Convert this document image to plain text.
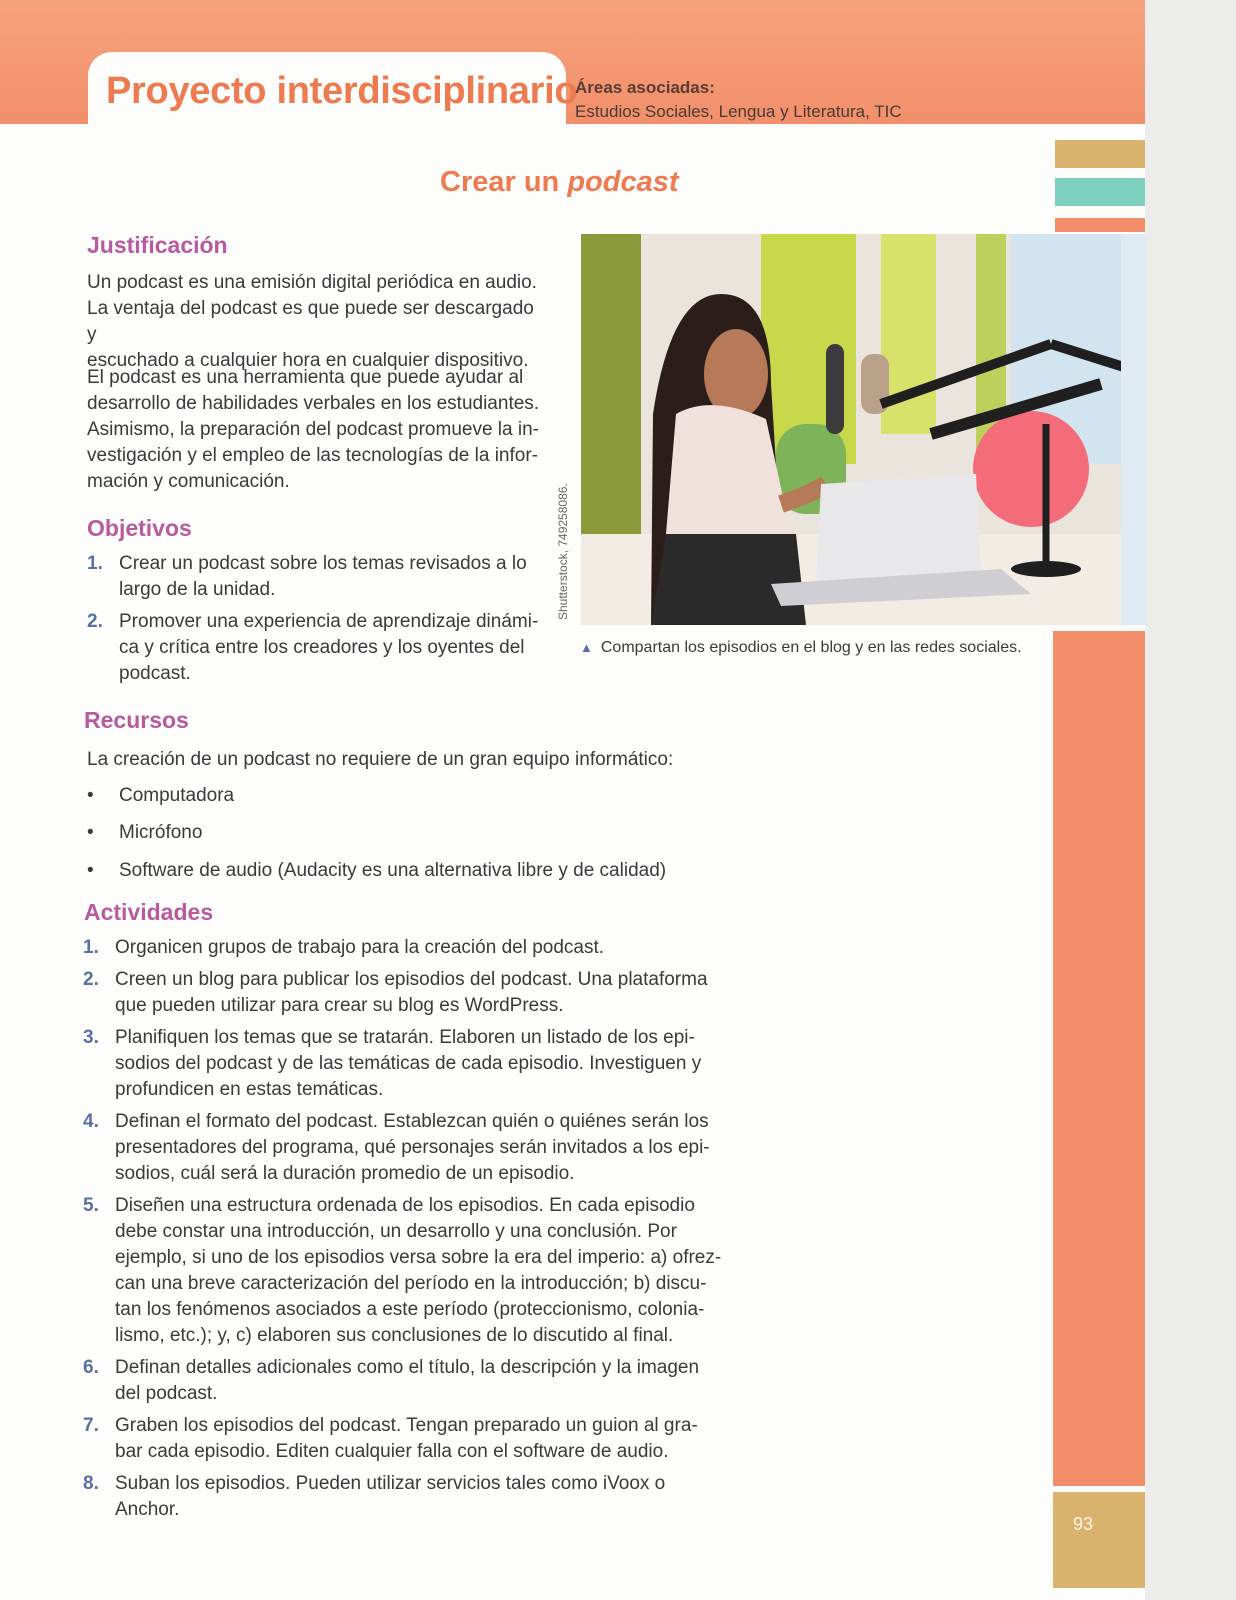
Proyecto interdisciplinario
Áreas asociadas:
Estudios Sociales, Lengua y Literatura, TIC
Crear un podcast
Justificación
Un podcast es una emisión digital periódica en audio.
La ventaja del podcast es que puede ser descargado y
escuchado a cualquier hora en cualquier dispositivo.
El podcast es una herramienta que puede ayudar al
desarrollo de habilidades verbales en los estudiantes.
Asimismo, la preparación del podcast promueve la in-
vestigación y el empleo de las tecnologías de la infor-
mación y comunicación.
Objetivos
1. Crear un podcast sobre los temas revisados a lo
largo de la unidad.
2. Promover una experiencia de aprendizaje dinámi-
ca y crítica entre los creadores y los oyentes del
podcast.
Shutterstock, 749258086.
▲ Compartan los episodios en el blog y en las redes sociales.
Recursos
La creación de un podcast no requiere de un gran equipo informático:
• Computadora
• Micrófono
• Software de audio (Audacity es una alternativa libre y de calidad)
Actividades
1. Organicen grupos de trabajo para la creación del podcast.
2. Creen un blog para publicar los episodios del podcast. Una plataforma
que pueden utilizar para crear su blog es WordPress.
3. Planifiquen los temas que se tratarán. Elaboren un listado de los epi-
sodios del podcast y de las temáticas de cada episodio. Investiguen y
profundicen en estas temáticas.
4. Definan el formato del podcast. Establezcan quién o quiénes serán los
presentadores del programa, qué personajes serán invitados a los epi-
sodios, cuál será la duración promedio de un episodio.
5. Diseñen una estructura ordenada de los episodios. En cada episodio
debe constar una introducción, un desarrollo y una conclusión. Por
ejemplo, si uno de los episodios versa sobre la era del imperio: a) ofrez-
can una breve caracterización del período en la introducción; b) discu-
tan los fenómenos asociados a este período (proteccionismo, colonia-
lismo, etc.); y, c) elaboren sus conclusiones de lo discutido al final.
6. Definan detalles adicionales como el título, la descripción y la imagen
del podcast.
7. Graben los episodios del podcast. Tengan preparado un guion al gra-
bar cada episodio. Editen cualquier falla con el software de audio.
8. Suban los episodios. Pueden utilizar servicios tales como iVoox o Anchor.
93
